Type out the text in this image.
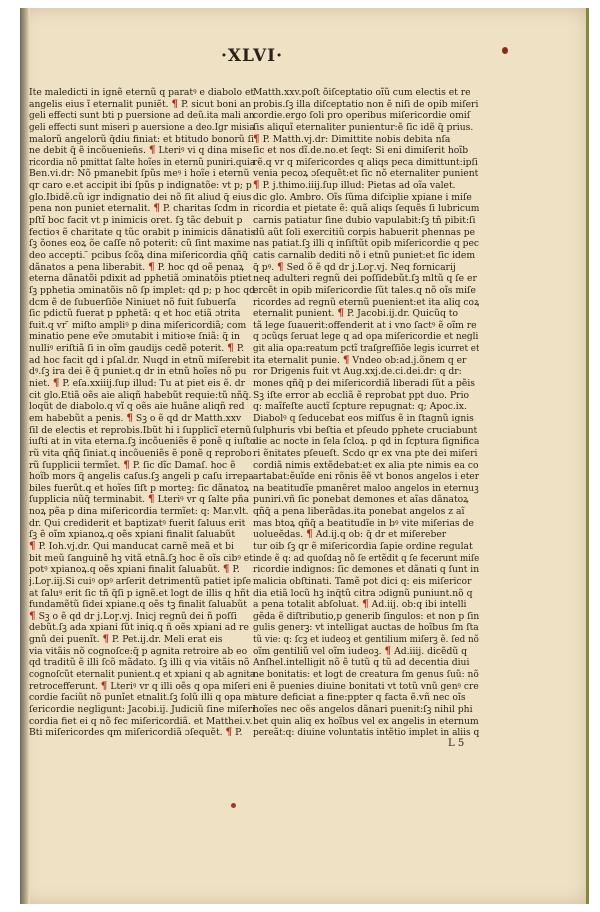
·XLVI·
Ite maledicti in ignẽ eternũ q paratꝰ e diabolo et
angelis eius ĩ eternalit puniẽt. ¶ P. sicut boni an
geli effecti sunt bti p puersione ad deũ.ita mali an
geli effecti sunt miseri p auersione a deo.Igr misia
malorũ angelorũ q̃diu finiat: et btitudo bonorũ ſi
ne debit q̃ ẽ incõuenien̄s. ¶ Lteriꝰ vi q dina mise
ricordia nõ pmittat ſalte hoĩes in eternũ puniri.quia
Ben.vi.dr: Nõ pmanebit ſpũs meꝰ i hoĩe i eternũ
qr caro e.et accipit ibi ſpũs p indignatõe: vt p; p
glo.Ibidẽ.cũ igr indignatio dei nõ ſit aliud q̃ eius
pena non puniet eternalit. ¶ P. charitas ſcdm in
pſtĩ boc facit vt p inimicis oret. ſꝫ tãc debuit p
fectioꝛ ẽ charitate q tũc orabit p inimicis dãnatis
ſꝫ õones eoꝝ õe caſſe nõ poterit: cũ ſint maxime
deo accepti. ̃ pcibus ſcõꝝ dina miſericordia qñq̃
dãnatos a pena liberabit. ¶ P. hoc qd oẽ penaꝝ
eterna dãnatõi pdixit ad pphetiã ɔminatõis ptiet
ſꝫ pphetia ɔminatõis nõ ſp implet: qd p; p hoc qd
dcm ẽ de ſubuerſiõe Niniuet nõ fuit ſubuerſa
ſic pdictũ fuerat p pphetã: q et hoc etiã ɔtrita
fuit.q vr ̃ miſto ampliꝰ p dina miſericordiã; com
minatio pene eṽe ɔmutabit i mitioꝛe ſniã: q̃ in
nulliꝰ eriſtiã ſi in oĩm gaudijs cedẽ poterit. ¶ P.
ad hoc facit qd i pſal.dr. Nuqd in etnũ miſerebit
dꝰ.ſꝫ ira dei ẽ q̃ puniet.q dr in etnũ hoĩes nõ pu
niet. ¶ P. eſa.xxiiij.ſup illud: Tu at piet eis ẽ. dr
cit glo.Etiã oẽs aie aliqñ habebũt requie:tũ nñq̃.
loqũt de diabolo.q vĩ q oẽs aie huãne aliqñ red
em habebũt a penis. ¶ Sꝫ o ẽ qd dr Matth.xxv
ſil de electis et reprobis.Ibũt hi i ſupplicĩ eternũ
iuſti at in vita eterna.ſꝫ incõueniẽs ẽ ponẽ q iuſto
rũ vita qñq̃ ſiniat.q incõueniẽs ẽ ponẽ q reprobo
rũ ſupplicii termĩet. ¶ P. ſic dĩc Damaſ. hoc ẽ
hoĩb mors q̃ angelis caſus.ſꝫ angeli p caſu irrepa
biles fuerũt.q et hoĩes ſiſt p morteꝫ: ſic dãnatoꝝ
ſupplicia nũq̃ terminabit. ¶ Lteriꝰ vr q ſalte pña
noꝝ pẽa p dina miſericordia termĩet: q: Mar.vlt.
dr. Qui crediderit et baptizatꝰ fuerit ſaluus erit
ſꝫ ẽ oĩm xpianoꝝ.q oẽs xpiani finalit ſaluabũt
¶ P. Ioh.vj.dr. Qui manducat carnẽ meã et bi
bit meũ ſanguinẽ hꝫ vitã etnã.ſꝫ hoc ẽ oĩs cibꝰ et
potꝰ xpianoꝝ.q oẽs xpiani finalit ſaluabũt. ¶ P.
j.Loɼ.iij.Si cuiꝰ opꝰ arſerit detrimentũ patiet ipſe
at ſaluꝰ erit ſic tñ q̃ſi p ignẽ.et logt de illis q hñt
fundamẽtũ ſidei xpiane.q oẽs tꝫ finalit ſaluabũt
¶ Sꝫ o ẽ qd dr j.Loɼ.vj. Inicj regnũ dei ñ poſſi
debũt.ſꝫ ada xpiani ſũt iniq.q ñ oẽs xpiani ad re
gnũ dei puenĩt. ¶ P. Pet.ij.dr. Meli erat eis
via vitãis nõ cognoſce:q̃ p agnita retroire ab eo
qd traditũ ẽ illi ſcõ mãdato. ſꝫ illi q via vitãis nõ
cognoſcũt eternalit punient.q et xpiani q ab agnita
retrocefferunt. ¶ Lteriꝰ vr q illi oẽs q opa miſeri
cordie faciũt nõ punĩet etnalit.ſꝫ ſolũ illi q opa mi
ſericordie negligunt: Jacobi.ij. Judiciũ ſine miſeri
cordia fiet ei q nõ fec miſericordiã. et Matthei.v.
Bti miſericordes qm miſericordiã ɔſequẽt. ¶ P.
Matth.xxv.poſt õiſceptatio oĩũ cum electis et re
probis.ſꝫ illa diſceptatio non ẽ niſi de opib miſeri
cordie.ergo ſoli pro operibus miſericordie omiſ
ſis aliquĩ eternaliter punientur:ẽ ſic idẽ q̃ prius.
¶ P. Matth.vj.dr: Dimittite nobis debita nſa
ſic et nos dĩ.de.no.et ſeqt: Si eni dimiſerit hoĩb
rẽ.q vr q miſericordes q aliqs peca dimittunt:ipſi
venia pecoꝝ ɔſequẽt:et ſic nõ eternaliter punient
¶ P. j.thimo.iiij.ſup illud: Pietas ad oĩa valet.
dic glo. Ambro. Oĩs ſũma diſciplie xpiane i miſe
ricordia et pietate ẽ: quã aliqs ſequẽs ſi lubricum
carnis patiatur ſine dubio vapulabit:ſꝫ tñ pibit:ſi
dũ aũt ſoli exercitiũ corpis habuerit phennas pe
nas patiat.ſꝫ illi q inſiſtũt opib miſericordie q pec
catis carnalib dediti nõ i etnũ puniet:et ſic idem
q̃ pꝰ. ¶ Sed õ ẽ qd dr j.Loɼ.vj. Neq fornicarij
neq adulteri regnũ dei poſſidebũt.ſꝫ mltũ q ſe er
ercẽt in opib miſericordie ſũt tales.q nõ oĩs miſe
ricordes ad regnũ eternũ puenient:et ita aliq coꝝ
eternalit punient. ¶ P. Jacobi.ij.dr. Quicũq to
tã lege ſuauerit:offenderit at i vno ſactꝰ ẽ oĩm re
q ɔcũqs ſeruat lege q ad opa miſericordie et negli
git alia opa:reatum pctĩ traſgreſſiõe legis icurret et
ita eternalit punie. ¶ Vndeo ob:ad.j.õnem q er
ror Drigenis fuit vt Aug.xxj.de.ci.dei.dr: q dr:
mones qñq̃ p dei miſericordiã liberadi ſũt a pẽis
Sꝫ iſte error ab eccliã ẽ reprobat ppt duo. Prio
q: maĩfeſte auctĩ ſcpture repugnat: q; Apoc.ix.
Diabolꝰ q ſeducebat eos miſſus ẽ in ſtagnũ ignis
ſulphuris vbi beſtia et pſeudo pphete cruciabunt
die ac nocte in ſela ſcloꝝ. p qd in ſcptura ſignifica
ri ẽnitates pſeueſt. Scdo qr ex vna pte dei miſeri
cordiã nimis extẽdebat:et ex alia pte nimis ea co
artabat:ẽuĩde eni rõnis ẽẽ vt bonos angelos i eter
na beatitudĩe pmanẽret maloo angelos in eternuꝫ
puniri.vñ ſic ponebat demones et aĩas dãnatoꝝ
qñq̃ a pena liberãdas.ita ponebat angelos z aĩ
mas btoꝝ qñq̃ a beatitudĩe in bꝰ vite miſerias de
uolueẽdas. ¶ Ad.ij.q ob: q̃ dr et miſereber
tur oib ſꝫ qr ẽ miſericordia ſapie ordine regulat
inde ẽ q: ad quoſdaꝫ nõ ſe ertẽdit q ſe fecerunt miſe
ricordie indignos: ſic demones et dãnati q ſunt in
malicia obſtinati. Tamẽ pot dici q: eis miſericor
dia etiã locũ hꝫ inq̃tũ citra ɔdignũ puniunt.nõ q
a pena totalit abſoluat. ¶ Ad.iij. ob:q ibi intelli
gẽda ẽ diſtributio,p generib ſingulos: et non p ſin
gulis generꝫ: vt intelligat auctas de hoĩbus ſm ſta
tũ vie: q: ſcꝫ et iudeoꝫ et gentilium miſerꝫ ẽ. ſed nõ
oĩm gentiliũ vel oĩm iudeoꝫ. ¶ Ad.iiij. dicẽdũ q
Anſhel.intelligit nõ ẽ tutũ q tũ ad decentia diui
ne bonitatis: et logt de creatura ſm genus ſuũ: nõ
eni ẽ puenies diuine bonitati vt totũ vnũ genꝰ cre
ature deficiat a fine:ppter q facta ẽ.vñ nec oĩs
hoĩes nec oẽs angelos dãnari puenit:ſꝫ nihil phi
bet quin aliq ex hoĩbus vel ex angelis in eternum
pereãt:q: diuine voluntatis intẽtio implet in aliis q
L 5
